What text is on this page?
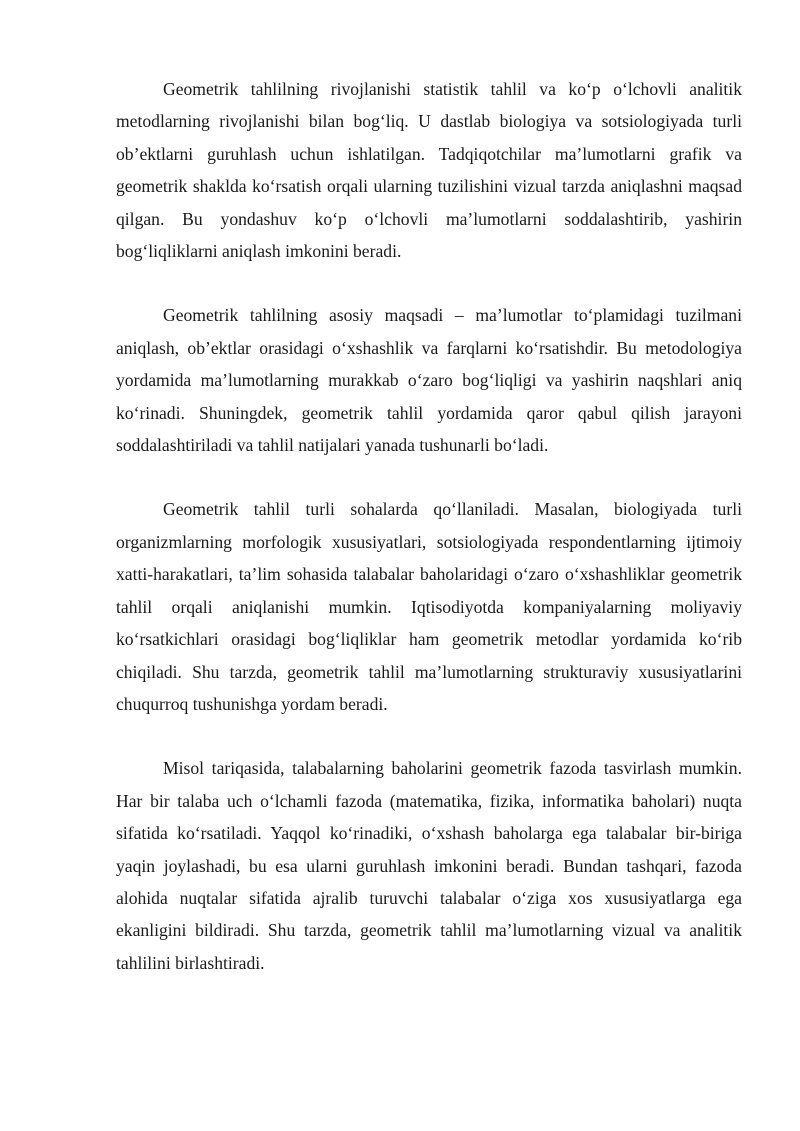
Geometrik tahlilning rivojlanishi statistik tahlil va koʻp oʻlchovli analitik metodlarning rivojlanishi bilan bogʻliq. U dastlab biologiya va sotsiologiyada turli obʼektlarni guruhlash uchun ishlatilgan. Tadqiqotchilar maʼlumotlarni grafik va geometrik shaklda koʻrsatish orqali ularning tuzilishini vizual tarzda aniqlashni maqsad qilgan. Bu yondashuv koʻp oʻlchovli maʼlumotlarni soddalashtirib, yashirin bogʻliqliklarni aniqlash imkonini beradi.

Geometrik tahlilning asosiy maqsadi – maʼlumotlar toʻplamidagi tuzilmani aniqlash, obʼektlar orasidagi oʻxshashlik va farqlarni koʻrsatishdir. Bu metodologiya yordamida maʼlumotlarning murakkab oʻzaro bogʻliqligi va yashirin naqshlari aniq koʻrinadi. Shuningdek, geometrik tahlil yordamida qaror qabul qilish jarayoni soddalashtiriladi va tahlil natijalari yanada tushunarli boʻladi.

Geometrik tahlil turli sohalarda qoʻllaniladi. Masalan, biologiyada turli organizmlarning morfologik xususiyatlari, sotsiologiyada respondentlarning ijtimoiy xatti-harakatlari, taʼlim sohasida talabalar baholaridagi oʻzaro oʻxshashliklar geometrik tahlil orqali aniqlanishi mumkin. Iqtisodiyotda kompaniyalarning moliyaviy koʻrsatkichlari orasidagi bogʻliqliklar ham geometrik metodlar yordamida koʻrib chiqiladi. Shu tarzda, geometrik tahlil maʼlumotlarning strukturaviy xususiyatlarini chuqurroq tushunishga yordam beradi.

Misol tariqasida, talabalarning baholarini geometrik fazoda tasvirlash mumkin. Har bir talaba uch oʻlchamli fazoda (matematika, fizika, informatika baholari) nuqta sifatida koʻrsatiladi. Yaqqol koʻrinadiki, oʻxshash baholarga ega talabalar bir-biriga yaqin joylashadi, bu esa ularni guruhlash imkonini beradi. Bundan tashqari, fazoda alohida nuqtalar sifatida ajralib turuvchi talabalar oʻziga xos xususiyatlarga ega ekanligini bildiradi. Shu tarzda, geometrik tahlil maʼlumotlarning vizual va analitik tahlilini birlashtiradi.
